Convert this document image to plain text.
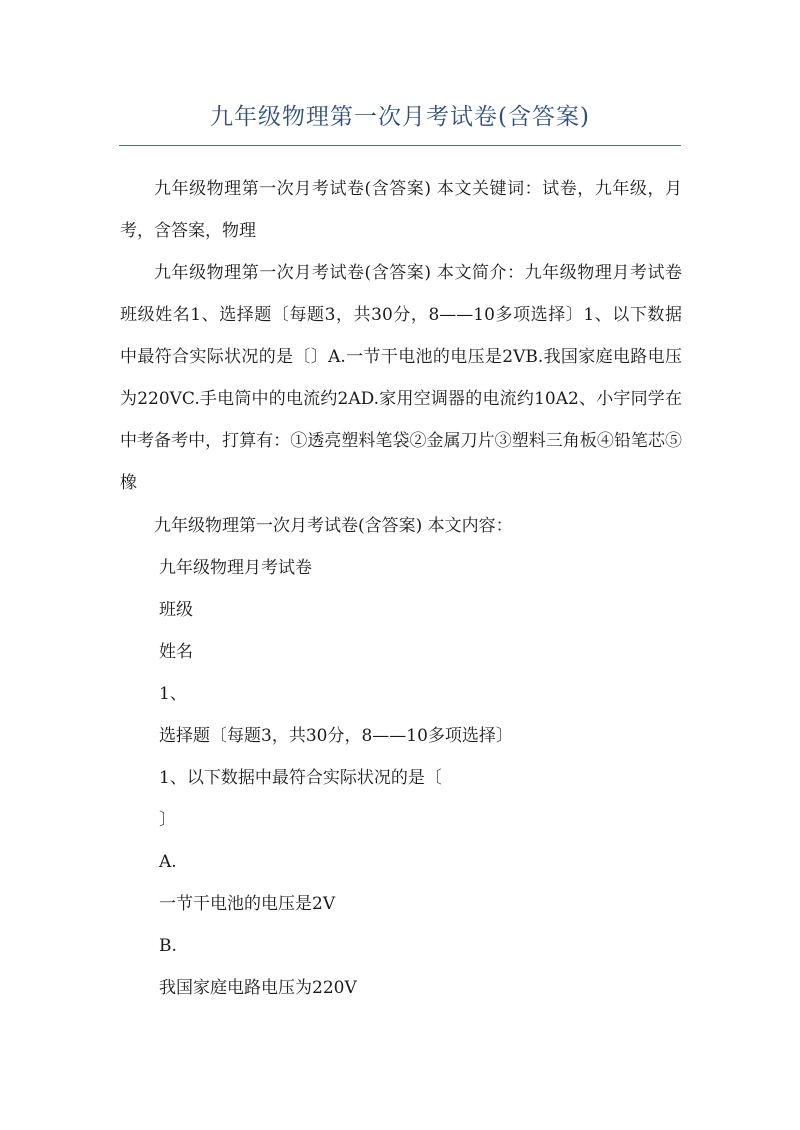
九年级物理第一次月考试卷(含答案)

九年级物理第一次月考试卷(含答案) 本文关键词：试卷，九年级，月考，含答案，物理

九年级物理第一次月考试卷(含答案) 本文简介：九年级物理月考试卷班级姓名1、选择题〔每题3，共30分，8——10多项选择〕1、以下数据中最符合实际状况的是〔〕A.一节干电池的电压是2VB.我国家庭电路电压为220VC.手电筒中的电流约2AD.家用空调器的电流约10A2、小宇同学在中考备考中，打算有：①透亮塑料笔袋②金属刀片③塑料三角板④铅笔芯⑤橡

九年级物理第一次月考试卷(含答案) 本文内容：

九年级物理月考试卷

班级

姓名

1、

选择题〔每题3，共30分，8——10多项选择〕

1、以下数据中最符合实际状况的是〔

〕

A.

一节干电池的电压是2V

B.

我国家庭电路电压为220V
